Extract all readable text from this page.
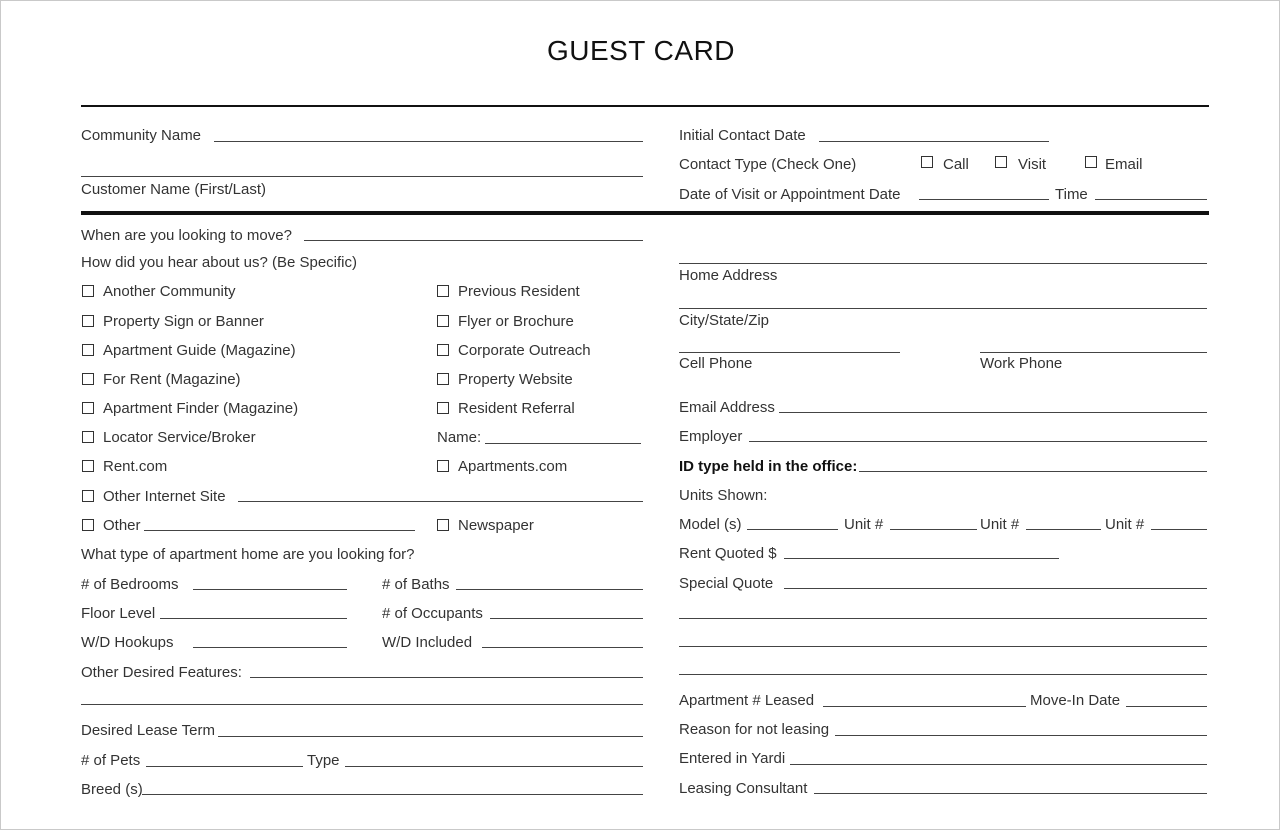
GUEST CARD
Community Name
Customer Name (First/Last)
Initial Contact Date
Contact Type (Check One)	Call	Visit	Email
Date of Visit or Appointment Date	Time
When are you looking to move?
How did you hear about us? (Be Specific)
Another Community
Property Sign or Banner
Apartment Guide (Magazine)
For Rent (Magazine)
Apartment Finder (Magazine)
Locator Service/Broker
Rent.com
Other Internet Site
Other
Previous Resident
Flyer or Brochure
Corporate Outreach
Property Website
Resident Referral
Name:
Apartments.com
Newspaper
What type of apartment home are you looking for?
# of Bedrooms	# of Baths
Floor Level	# of Occupants
W/D Hookups	W/D Included
Other Desired Features:
Desired Lease Term
# of Pets	Type
Breed (s)
Home Address
City/State/Zip
Cell Phone	Work Phone
Email Address
Employer
ID type held in the office:
Units Shown:
Model (s)	Unit #	Unit #	Unit #
Rent Quoted $
Special Quote
Apartment # Leased	Move-In Date
Reason for not leasing
Entered in Yardi
Leasing Consultant
